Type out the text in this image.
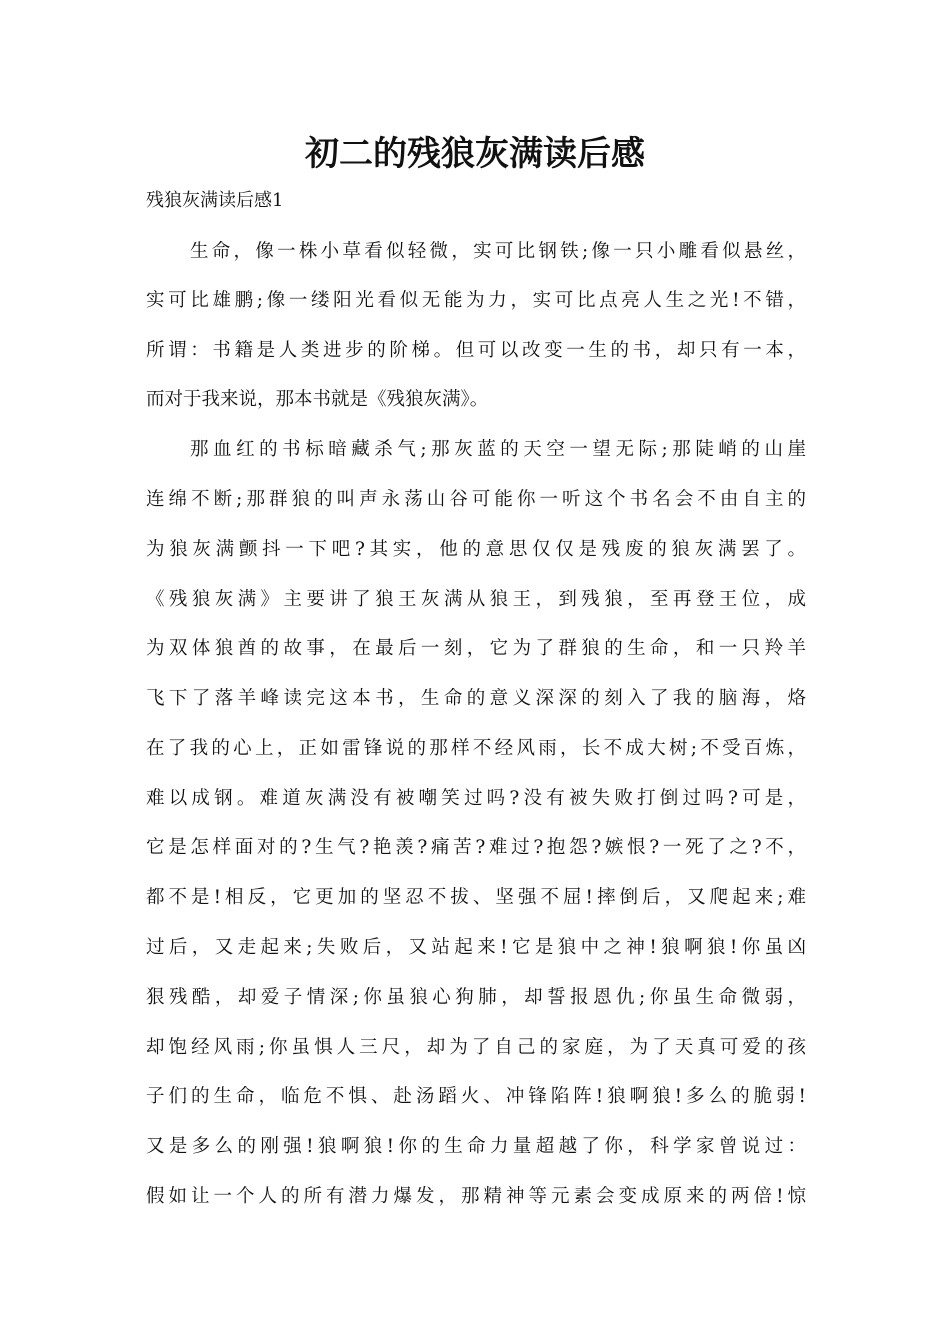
初二的残狼灰满读后感

残狼灰满读后感1

生命，像一株小草看似轻微，实可比钢铁;像一只小雕看似悬丝，

实可比雄鹏;像一缕阳光看似无能为力，实可比点亮人生之光!不错，

所谓：书籍是人类进步的阶梯。但可以改变一生的书，却只有一本，

而对于我来说，那本书就是《残狼灰满》。

那血红的书标暗藏杀气;那灰蓝的天空一望无际;那陡峭的山崖

连绵不断;那群狼的叫声永荡山谷可能你一听这个书名会不由自主的

为狼灰满颤抖一下吧?其实，他的意思仅仅是残废的狼灰满罢了。

《残狼灰满》主要讲了狼王灰满从狼王，到残狼，至再登王位，成

为双体狼酋的故事，在最后一刻，它为了群狼的生命，和一只羚羊

飞下了落羊峰读完这本书，生命的意义深深的刻入了我的脑海，烙

在了我的心上，正如雷锋说的那样不经风雨，长不成大树;不受百炼，

难以成钢。难道灰满没有被嘲笑过吗?没有被失败打倒过吗?可是，

它是怎样面对的?生气?艳羡?痛苦?难过?抱怨?嫉恨?一死了之?不，

都不是!相反，它更加的坚忍不拔、坚强不屈!摔倒后，又爬起来;难

过后，又走起来;失败后，又站起来!它是狼中之神!狼啊狼!你虽凶

狠残酷，却爱子情深;你虽狼心狗肺，却誓报恩仇;你虽生命微弱，

却饱经风雨;你虽惧人三尺，却为了自己的家庭，为了天真可爱的孩

子们的生命，临危不惧、赴汤蹈火、冲锋陷阵!狼啊狼!多么的脆弱!

又是多么的刚强!狼啊狼!你的生命力量超越了你，科学家曾说过：

假如让一个人的所有潜力爆发，那精神等元素会变成原来的两倍!惊
